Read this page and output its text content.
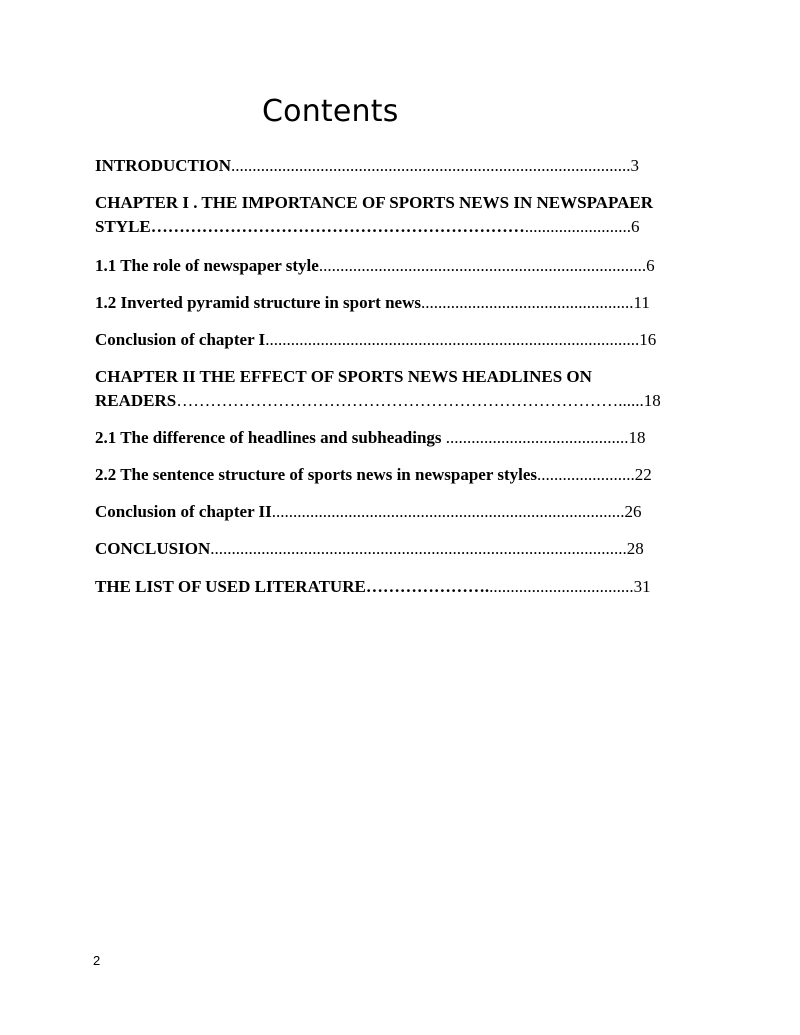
Contents
INTRODUCTION..............................................................................................3
CHAPTER I . THE IMPORTANCE OF SPORTS NEWS IN NEWSPAPAER
STYLE………………………………………………………….........................6
1.1 The role of newspaper style.............................................................................6
1.2 Inverted pyramid structure in sport news..................................................11
Conclusion of chapter I........................................................................................16
CHAPTER II THE EFFECT OF SPORTS NEWS HEADLINES ON
READERS……………………………………………………………………......18
2.1 The difference of headlines and subheadings ...........................................18
2.2 The sentence structure of sports news in newspaper styles.......................22
Conclusion of chapter II...................................................................................26
CONCLUSION..................................................................................................28
THE LIST OF USED LITERATURE…………………...................................31
2
